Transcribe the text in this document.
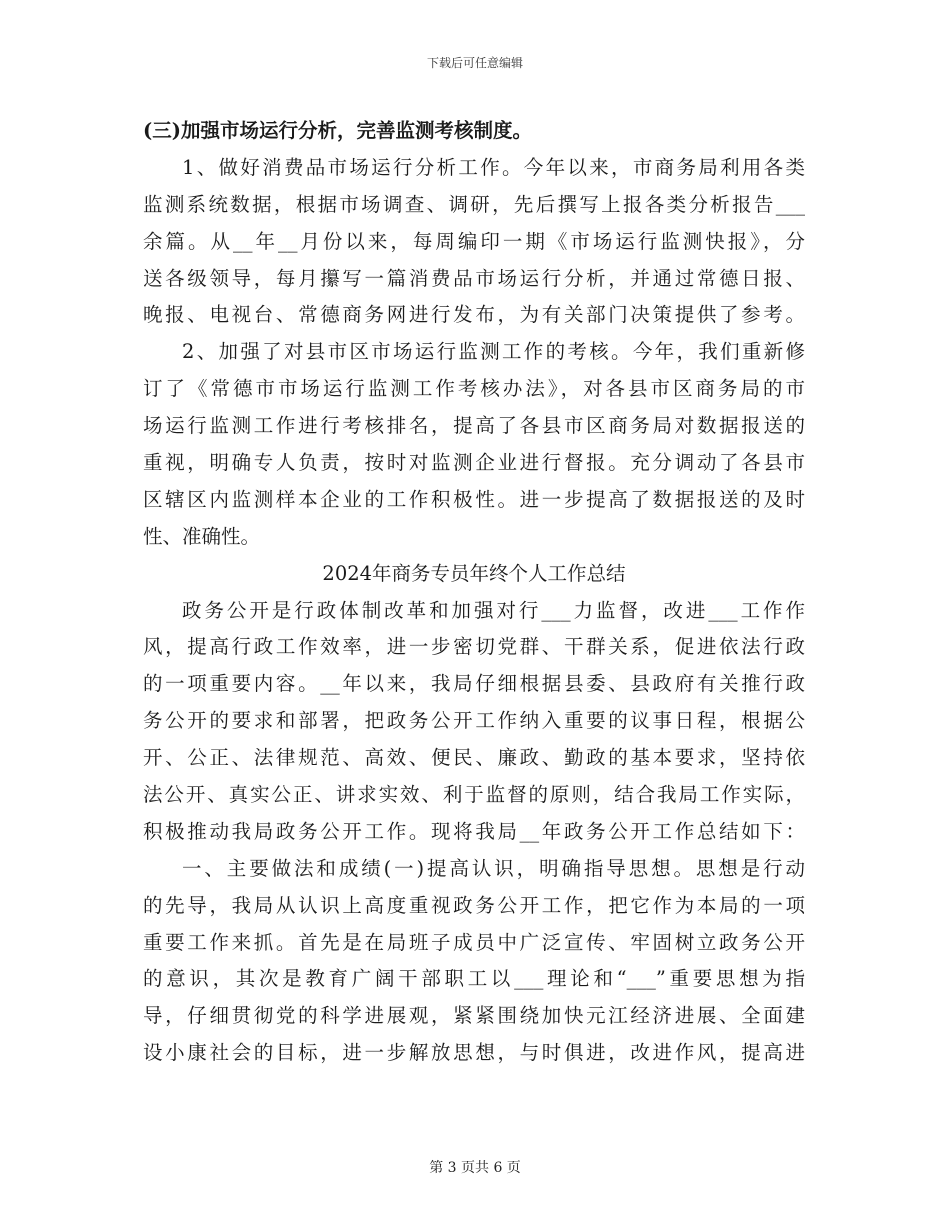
下载后可任意编辑
(三)加强市场运行分析，完善监测考核制度。
1、做好消费品市场运行分析工作。今年以来，市商务局利用各类
监测系统数据，根据市场调查、调研，先后撰写上报各类分析报告___
余篇。从__年__月份以来，每周编印一期《市场运行监测快报》，分
送各级领导，每月攥写一篇消费品市场运行分析，并通过常德日报、
晚报、电视台、常德商务网进行发布，为有关部门决策提供了参考。
2、加强了对县市区市场运行监测工作的考核。今年，我们重新修
订了《常德市市场运行监测工作考核办法》，对各县市区商务局的市
场运行监测工作进行考核排名，提高了各县市区商务局对数据报送的
重视，明确专人负责，按时对监测企业进行督报。充分调动了各县市
区辖区内监测样本企业的工作积极性。进一步提高了数据报送的及时
性、准确性。
2024年商务专员年终个人工作总结
政务公开是行政体制改革和加强对行___力监督，改进___工作作
风，提高行政工作效率，进一步密切党群、干群关系，促进依法行政
的一项重要内容。__年以来，我局仔细根据县委、县政府有关推行政
务公开的要求和部署，把政务公开工作纳入重要的议事日程，根据公
开、公正、法律规范、高效、便民、廉政、勤政的基本要求，坚持依
法公开、真实公正、讲求实效、利于监督的原则，结合我局工作实际，
积极推动我局政务公开工作。现将我局__年政务公开工作总结如下：
一、主要做法和成绩(一)提高认识，明确指导思想。思想是行动
的先导，我局从认识上高度重视政务公开工作，把它作为本局的一项
重要工作来抓。首先是在局班子成员中广泛宣传、牢固树立政务公开
的意识，其次是教育广阔干部职工以___理论和“___”重要思想为指
导，仔细贯彻党的科学进展观，紧紧围绕加快元江经济进展、全面建
设小康社会的目标，进一步解放思想，与时俱进，改进作风，提高进
第 3 页共 6 页
